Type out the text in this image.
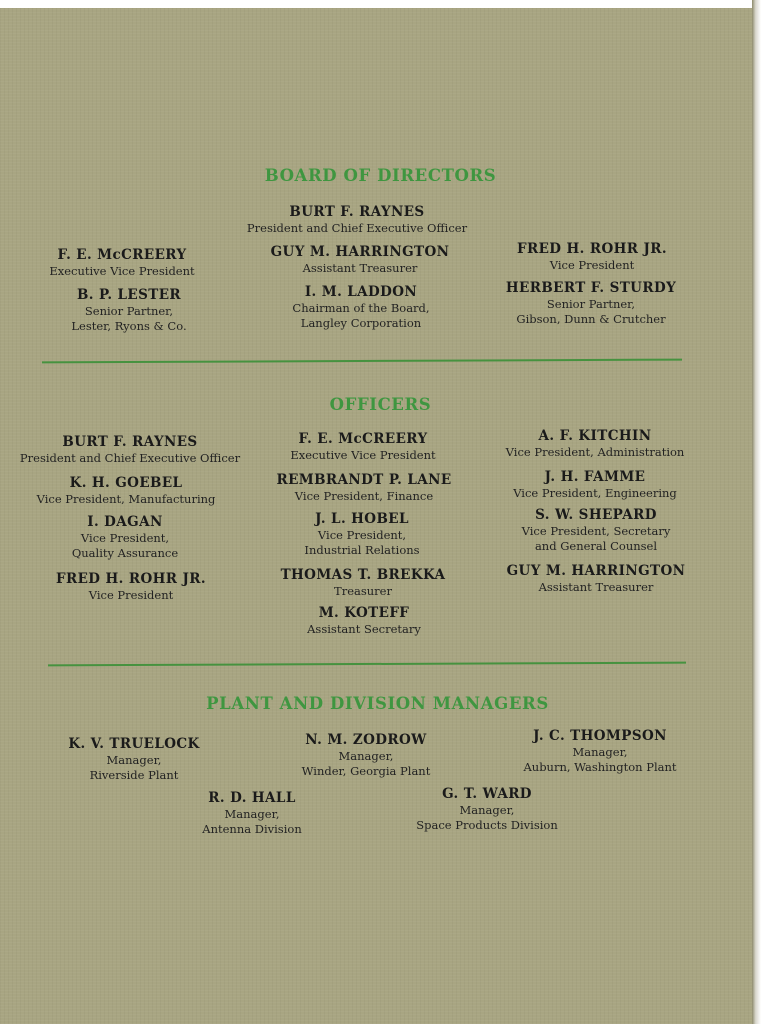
BOARD OF DIRECTORS
BURT F. RAYNES
President and Chief Executive Officer
F. E. McCREERY
Executive Vice President
GUY M. HARRINGTON
Assistant Treasurer
FRED H. ROHR JR.
Vice President
B. P. LESTER
Senior Partner,
Lester, Ryons & Co.
I. M. LADDON
Chairman of the Board,
Langley Corporation
HERBERT F. STURDY
Senior Partner,
Gibson, Dunn & Crutcher
OFFICERS
BURT F. RAYNES
President and Chief Executive Officer
K. H. GOEBEL
Vice President, Manufacturing
I. DAGAN
Vice President,
Quality Assurance
FRED H. ROHR JR.
Vice President
F. E. McCREERY
Executive Vice President
REMBRANDT P. LANE
Vice President, Finance
J. L. HOBEL
Vice President,
Industrial Relations
THOMAS T. BREKKA
Treasurer
M. KOTEFF
Assistant Secretary
A. F. KITCHIN
Vice President, Administration
J. H. FAMME
Vice President, Engineering
S. W. SHEPARD
Vice President, Secretary
and General Counsel
GUY M. HARRINGTON
Assistant Treasurer
PLANT AND DIVISION MANAGERS
K. V. TRUELOCK
Manager,
Riverside Plant
N. M. ZODROW
Manager,
Winder, Georgia Plant
J. C. THOMPSON
Manager,
Auburn, Washington Plant
R. D. HALL
Manager,
Antenna Division
G. T. WARD
Manager,
Space Products Division
